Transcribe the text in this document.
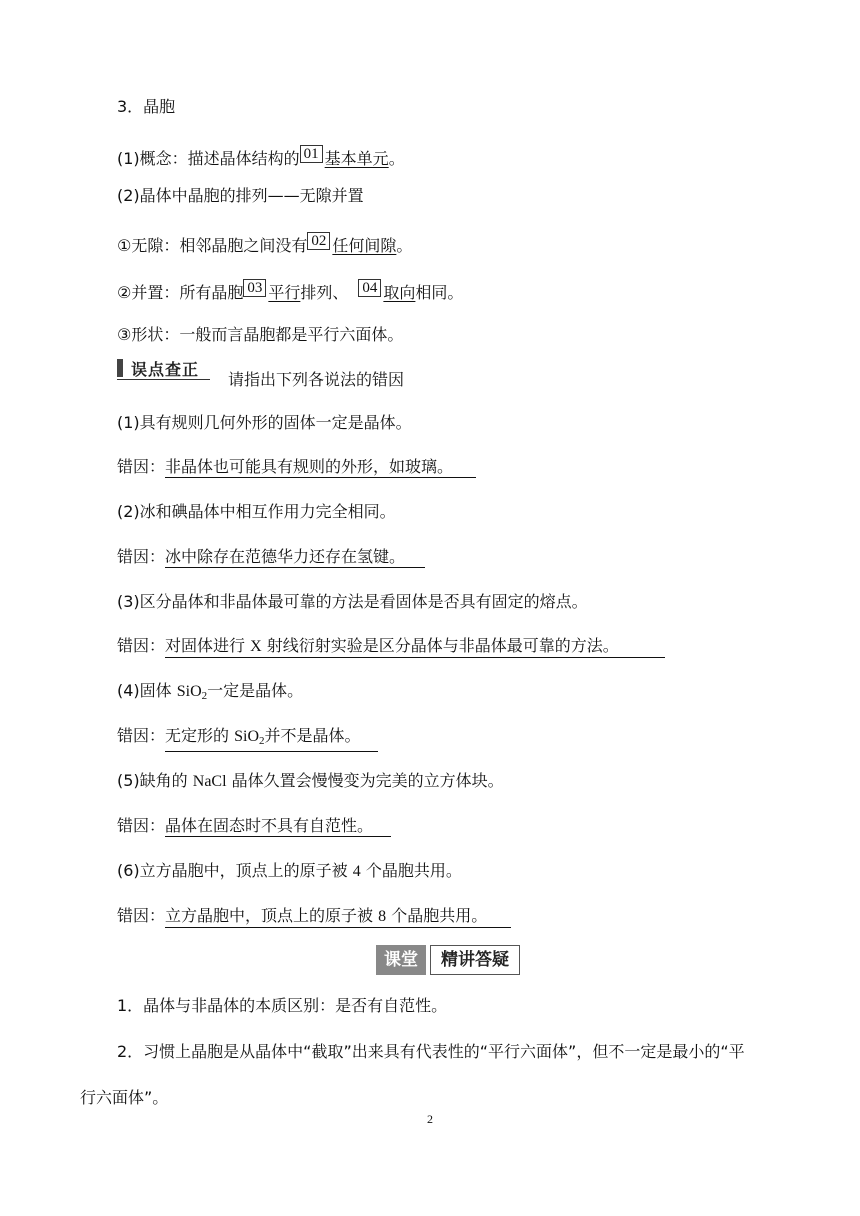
3．晶胞
(1)概念：描述晶体结构的 01 基本单元。
(2)晶体中晶胞的排列——无隙并置
①无隙：相邻晶胞之间没有 02 任何间隙。
②并置：所有晶胞 03 平行排列、 04 取向相同。
③形状：一般而言晶胞都是平行六面体。
误点查正
请指出下列各说法的错因
(1)具有规则几何外形的固体一定是晶体。
错因：非晶体也可能具有规则的外形，如玻璃。
(2)冰和碘晶体中相互作用力完全相同。
错因：冰中除存在范德华力还存在氢键。
(3)区分晶体和非晶体最可靠的方法是看固体是否具有固定的熔点。
错因：对固体进行 X 射线衍射实验是区分晶体与非晶体最可靠的方法。
(4)固体 SiO$_2$一定是晶体。
错因：无定形的 SiO$_2$并不是晶体。
(5)缺角的 NaCl 晶体久置会慢慢变为完美的立方体块。
错因：晶体在固态时不具有自范性。
(6)立方晶胞中，顶点上的原子被 4 个晶胞共用。
错因：立方晶胞中，顶点上的原子被 8 个晶胞共用。
课堂	精讲答疑
1．晶体与非晶体的本质区别：是否有自范性。
2．习惯上晶胞是从晶体中“截取”出来具有代表性的“平行六面体”，但不一定是最小的“平
行六面体”。
2
